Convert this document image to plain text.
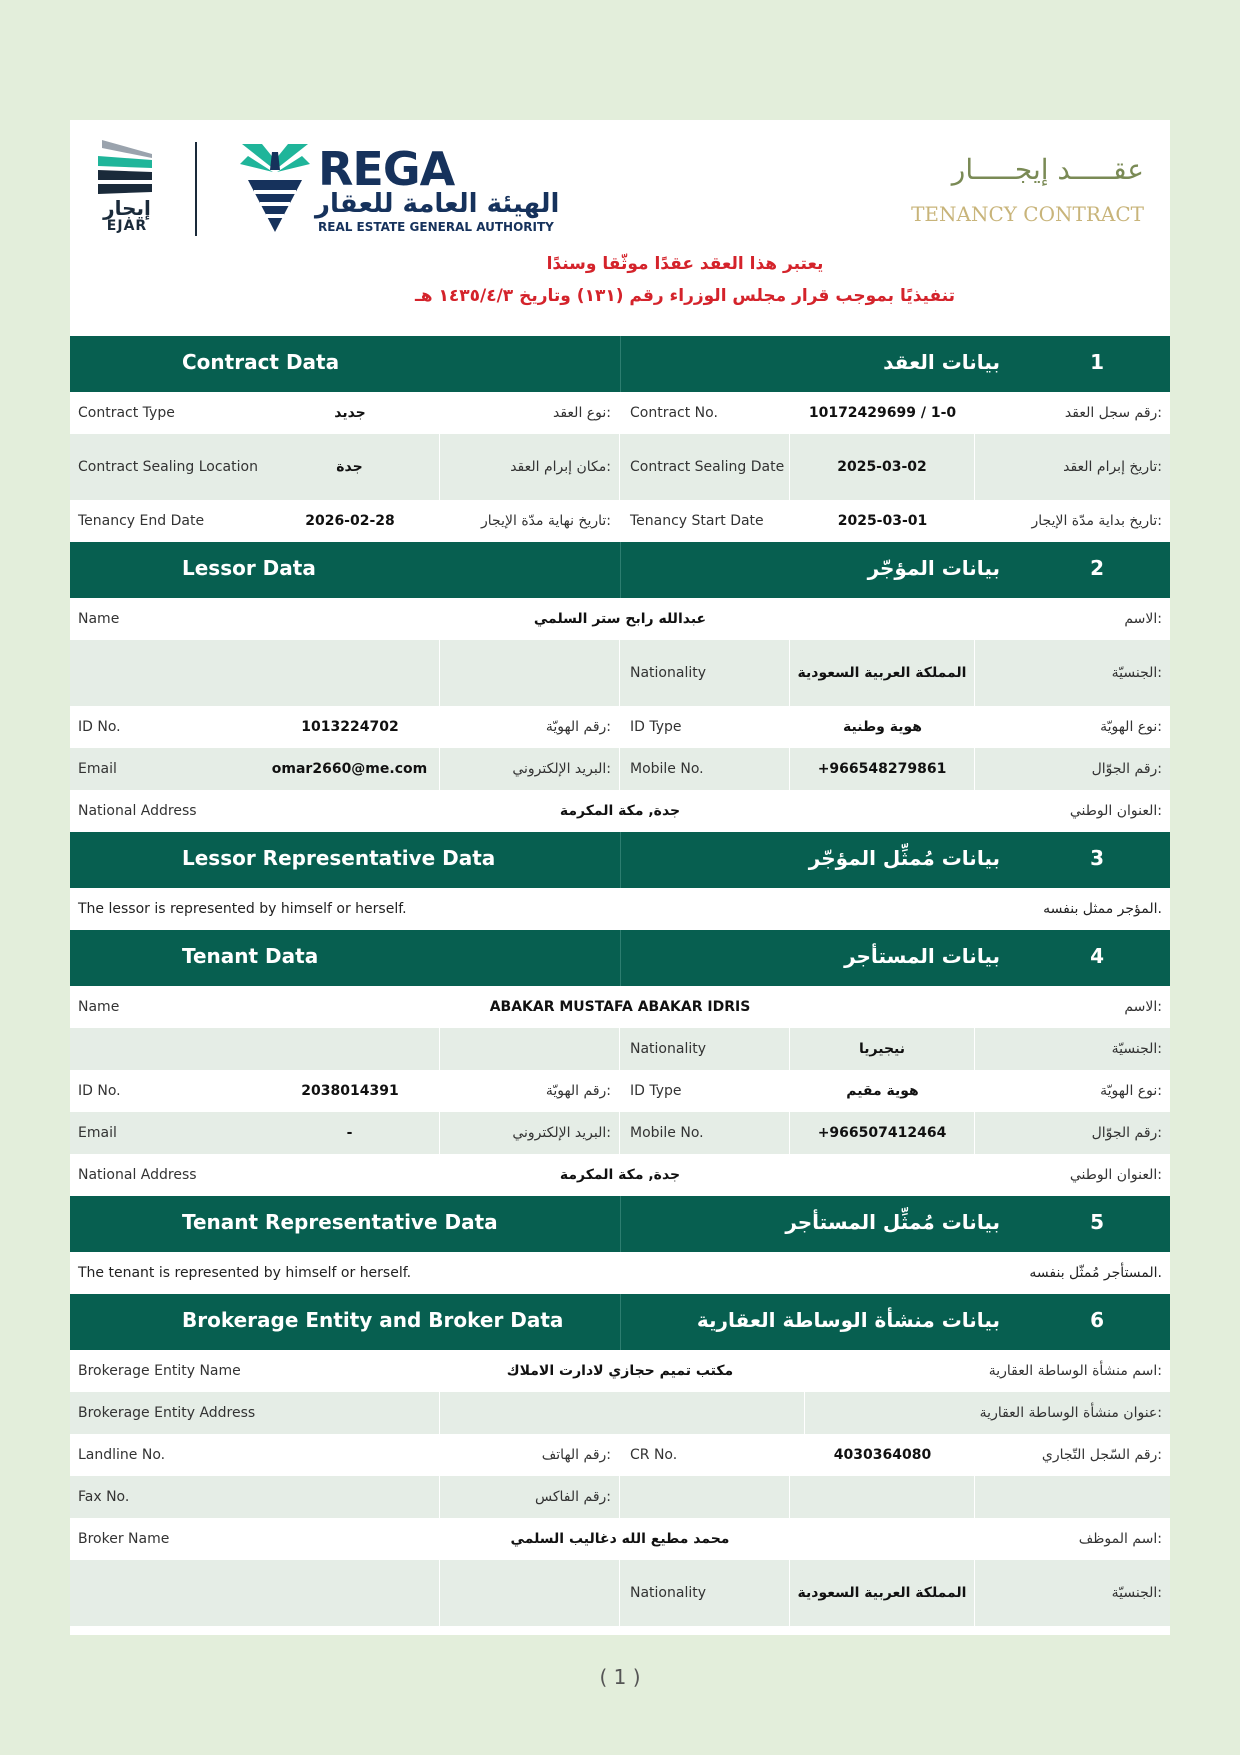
إيجار
EJAR
REGA
الهيئة العامة للعقار
REAL ESTATE GENERAL AUTHORITY
عقـــــد إيجـــــار
TENANCY CONTRACT
يعتبر هذا العقد عقدًا موثّقا وسندًا
تنفيذيًا بموجب قرار مجلس الوزراء رقم (١٣١) وتاريخ ١٤٣٥/٤/٣ هـ
Contract Data	بيانات العقد	1
Contract Type	جديد	نوع العقد:	Contract No.	10172429699 / 1-0	رقم سجل العقد:
Contract Sealing Location	جدة	مكان إبرام العقد:	Contract Sealing Date	2025-03-02	تاريخ إبرام العقد:
Tenancy End Date	2026-02-28	تاريخ نهاية مدّة الإيجار:	Tenancy Start Date	2025-03-01	تاريخ بداية مدّة الإيجار:
Lessor Data	بيانات المؤجّر	2
Name	عبدالله رابح ستر السلمي	الاسم:
Nationality	المملكة العربية السعودية	الجنسيّة:
ID No.	1013224702	رقم الهويّة:	ID Type	هوية وطنية	نوع الهويّة:
Email	omar2660@me.com	البريد الإلكتروني:	Mobile No.	+966548279861	رقم الجوّال:
National Address	جدة, مكة المكرمة	العنوان الوطني:
Lessor Representative Data	بيانات مُمثِّل المؤجّر	3
The lessor is represented by himself or herself.	المؤجر ممثل بنفسه.
Tenant Data	بيانات المستأجر	4
Name	ABAKAR MUSTAFA ABAKAR IDRIS	الاسم:
Nationality	نيجيريا	الجنسيّة:
ID No.	2038014391	رقم الهويّة:	ID Type	هوية مقيم	نوع الهويّة:
Email	-	البريد الإلكتروني:	Mobile No.	+966507412464	رقم الجوّال:
National Address	جدة, مكة المكرمة	العنوان الوطني:
Tenant Representative Data	بيانات مُمثِّل المستأجر	5
The tenant is represented by himself or herself.	المستأجر مُمثّل بنفسه.
Brokerage Entity and Broker Data	بيانات منشأة الوساطة العقارية	6
Brokerage Entity Name	مكتب تميم حجازي لادارت الاملاك	اسم منشأة الوساطة العقارية:
Brokerage Entity Address	عنوان منشأة الوساطة العقارية:
Landline No.	رقم الهاتف:	CR No.	4030364080	رقم السّجل التّجاري:
Fax No.	رقم الفاكس:
Broker Name	محمد مطيع الله دغاليب السلمي	اسم الموظف:
Nationality	المملكة العربية السعودية	الجنسيّة:
( 1 )
